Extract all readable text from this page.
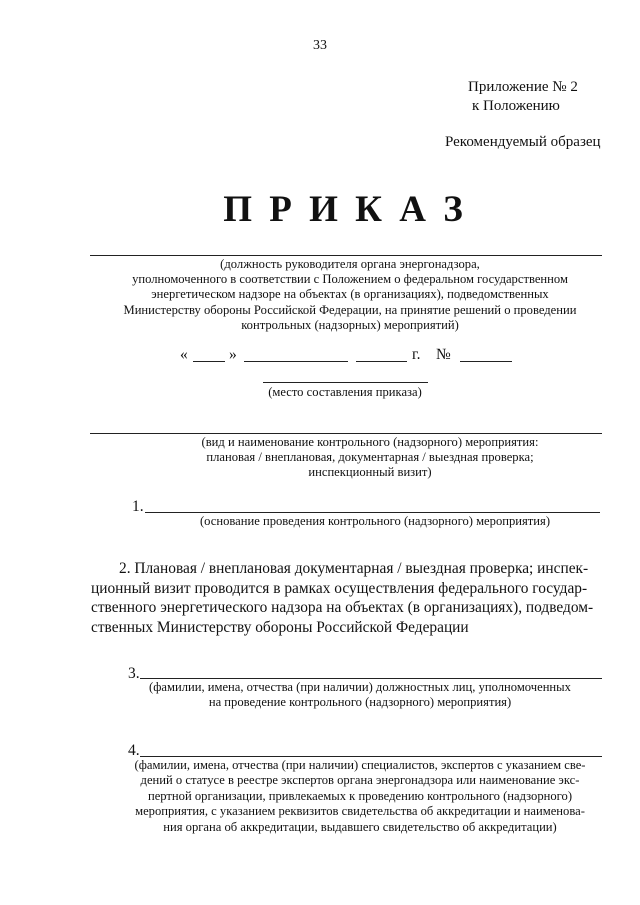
33
Приложение № 2
к Положению
Рекомендуемый образец
П Р И К А З
(должность руководителя органа энергонадзора,
уполномоченного в соответствии с Положением о федеральном государственном
энергетическом надзоре на объектах (в организациях), подведомственных
Министерству обороны Российской Федерации, на принятие решений о проведении
контрольных (надзорных) мероприятий)
«	»	г. №
(место составления приказа)
(вид и наименование контрольного (надзорного) мероприятия:
плановая / внеплановая, документарная / выездная проверка;
инспекционный визит)
1.
(основание проведения контрольного (надзорного) мероприятия)
2. Плановая / внеплановая документарная / выездная проверка; инспек-
ционный визит проводится в рамках осуществления федерального государ-
ственного энергетического надзора на объектах (в организациях), подведом-
ственных Министерству обороны Российской Федерации
3.
(фамилии, имена, отчества (при наличии) должностных лиц, уполномоченных
на проведение контрольного (надзорного) мероприятия)
4.
(фамилии, имена, отчества (при наличии) специалистов, экспертов с указанием све-
дений о статусе в реестре экспертов органа энергонадзора или наименование экс-
пертной организации, привлекаемых к проведению контрольного (надзорного)
мероприятия, с указанием реквизитов свидетельства об аккредитации и наименова-
ния органа об аккредитации, выдавшего свидетельство об аккредитации)
